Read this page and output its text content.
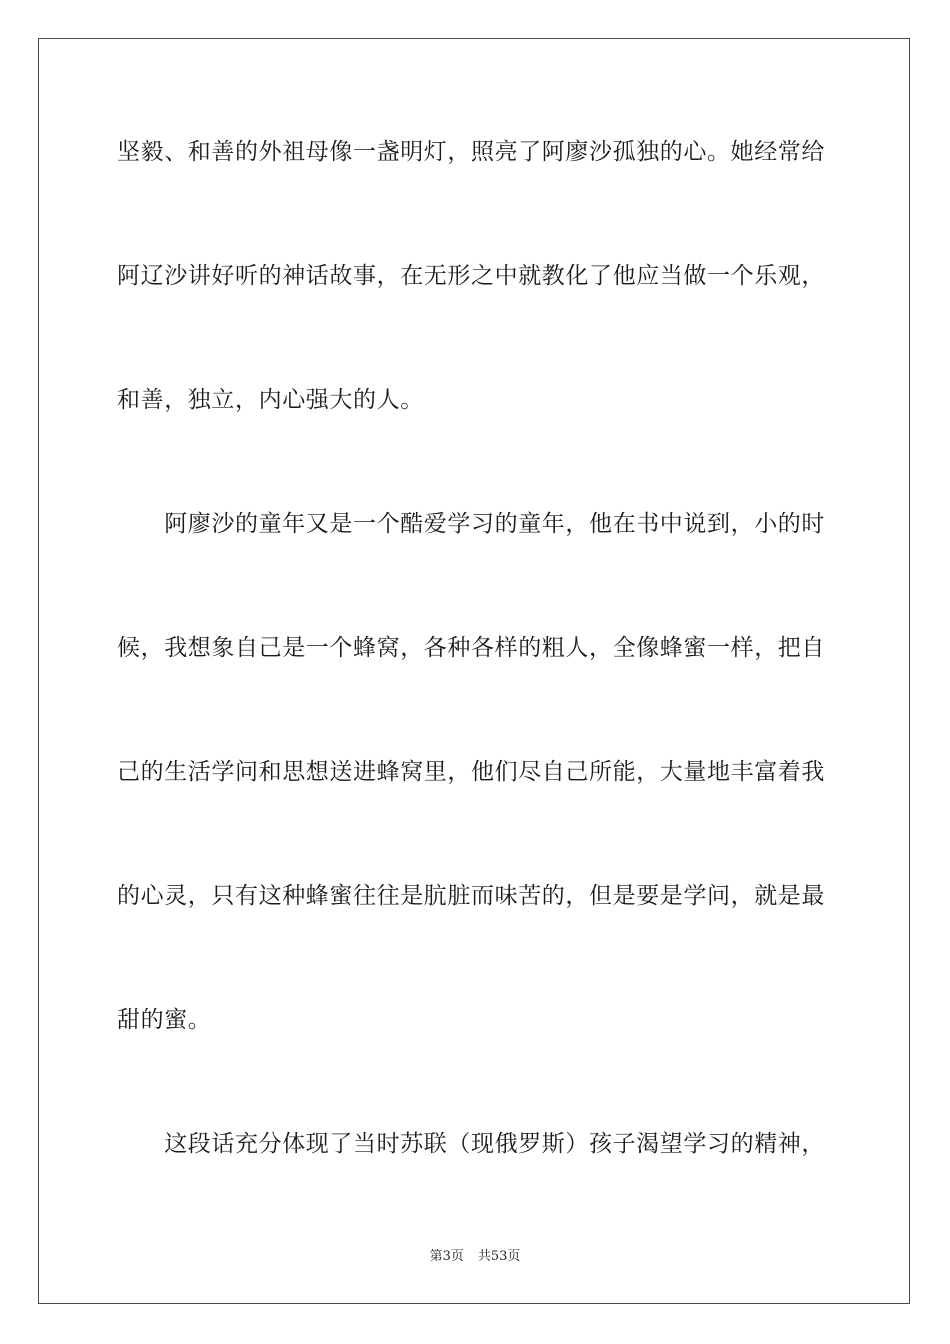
坚毅、和善的外祖母像一盏明灯，照亮了阿廖沙孤独的心。她经常给
阿辽沙讲好听的神话故事，在无形之中就教化了他应当做一个乐观，
和善，独立，内心强大的人。
　　阿廖沙的童年又是一个酷爱学习的童年，他在书中说到，小的时
候，我想象自己是一个蜂窝，各种各样的粗人，全像蜂蜜一样，把自
己的生活学问和思想送进蜂窝里，他们尽自己所能，大量地丰富着我
的心灵，只有这种蜂蜜往往是肮脏而味苦的，但是要是学问，就是最
甜的蜜。
　　这段话充分体现了当时苏联（现俄罗斯）孩子渴望学习的精神，
第3页 共53页
